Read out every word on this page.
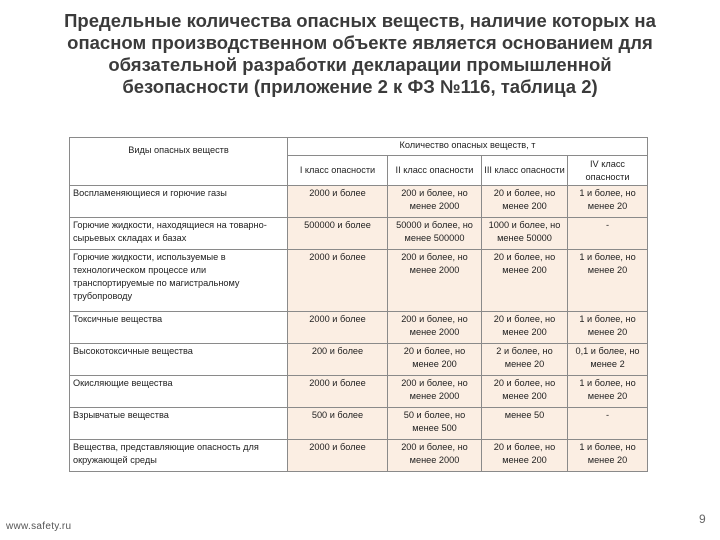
Предельные количества опасных веществ, наличие которых на
опасном производственном объекте является основанием для
обязательной разработки декларации промышленной
безопасности (приложение 2 к ФЗ №116, таблица 2)
Виды опасных веществ	Количество опасных веществ, т			
	I класс опасности	II класс опасности	III класс опасности	IV класс опасности
Воспламеняющиеся и горючие газы	2000 и более	200 и более, но менее 2000	20 и более, но менее 200	1 и более, но менее 20
Горючие жидкости, находящиеся на товарно-сырьевых складах и базах	500000 и более	50000 и более, но менее 500000	1000 и более, но менее 50000	-
Горючие жидкости, используемые в технологическом процессе или транспортируемые по магистральному трубопроводу	2000 и более	200 и более, но менее 2000	20 и более, но менее 200	1 и более, но менее 20
Токсичные вещества	2000 и более	200 и более, но менее 2000	20 и более, но менее 200	1 и более, но менее 20
Высокотоксичные вещества	200 и более	20 и более, но менее 200	2 и более, но менее 20	0,1 и более, но менее 2
Окисляющие вещества	2000 и более	200 и более, но менее 2000	20 и более, но менее 200	1 и более, но менее 20
Взрывчатые вещества	500 и более	50 и более, но менее 500	менее 50	-
Вещества, представляющие опасность для окружающей среды	2000 и более	200 и более, но менее 2000	20 и более, но менее 200	1 и более, но менее 20
www.safety.ru
9
